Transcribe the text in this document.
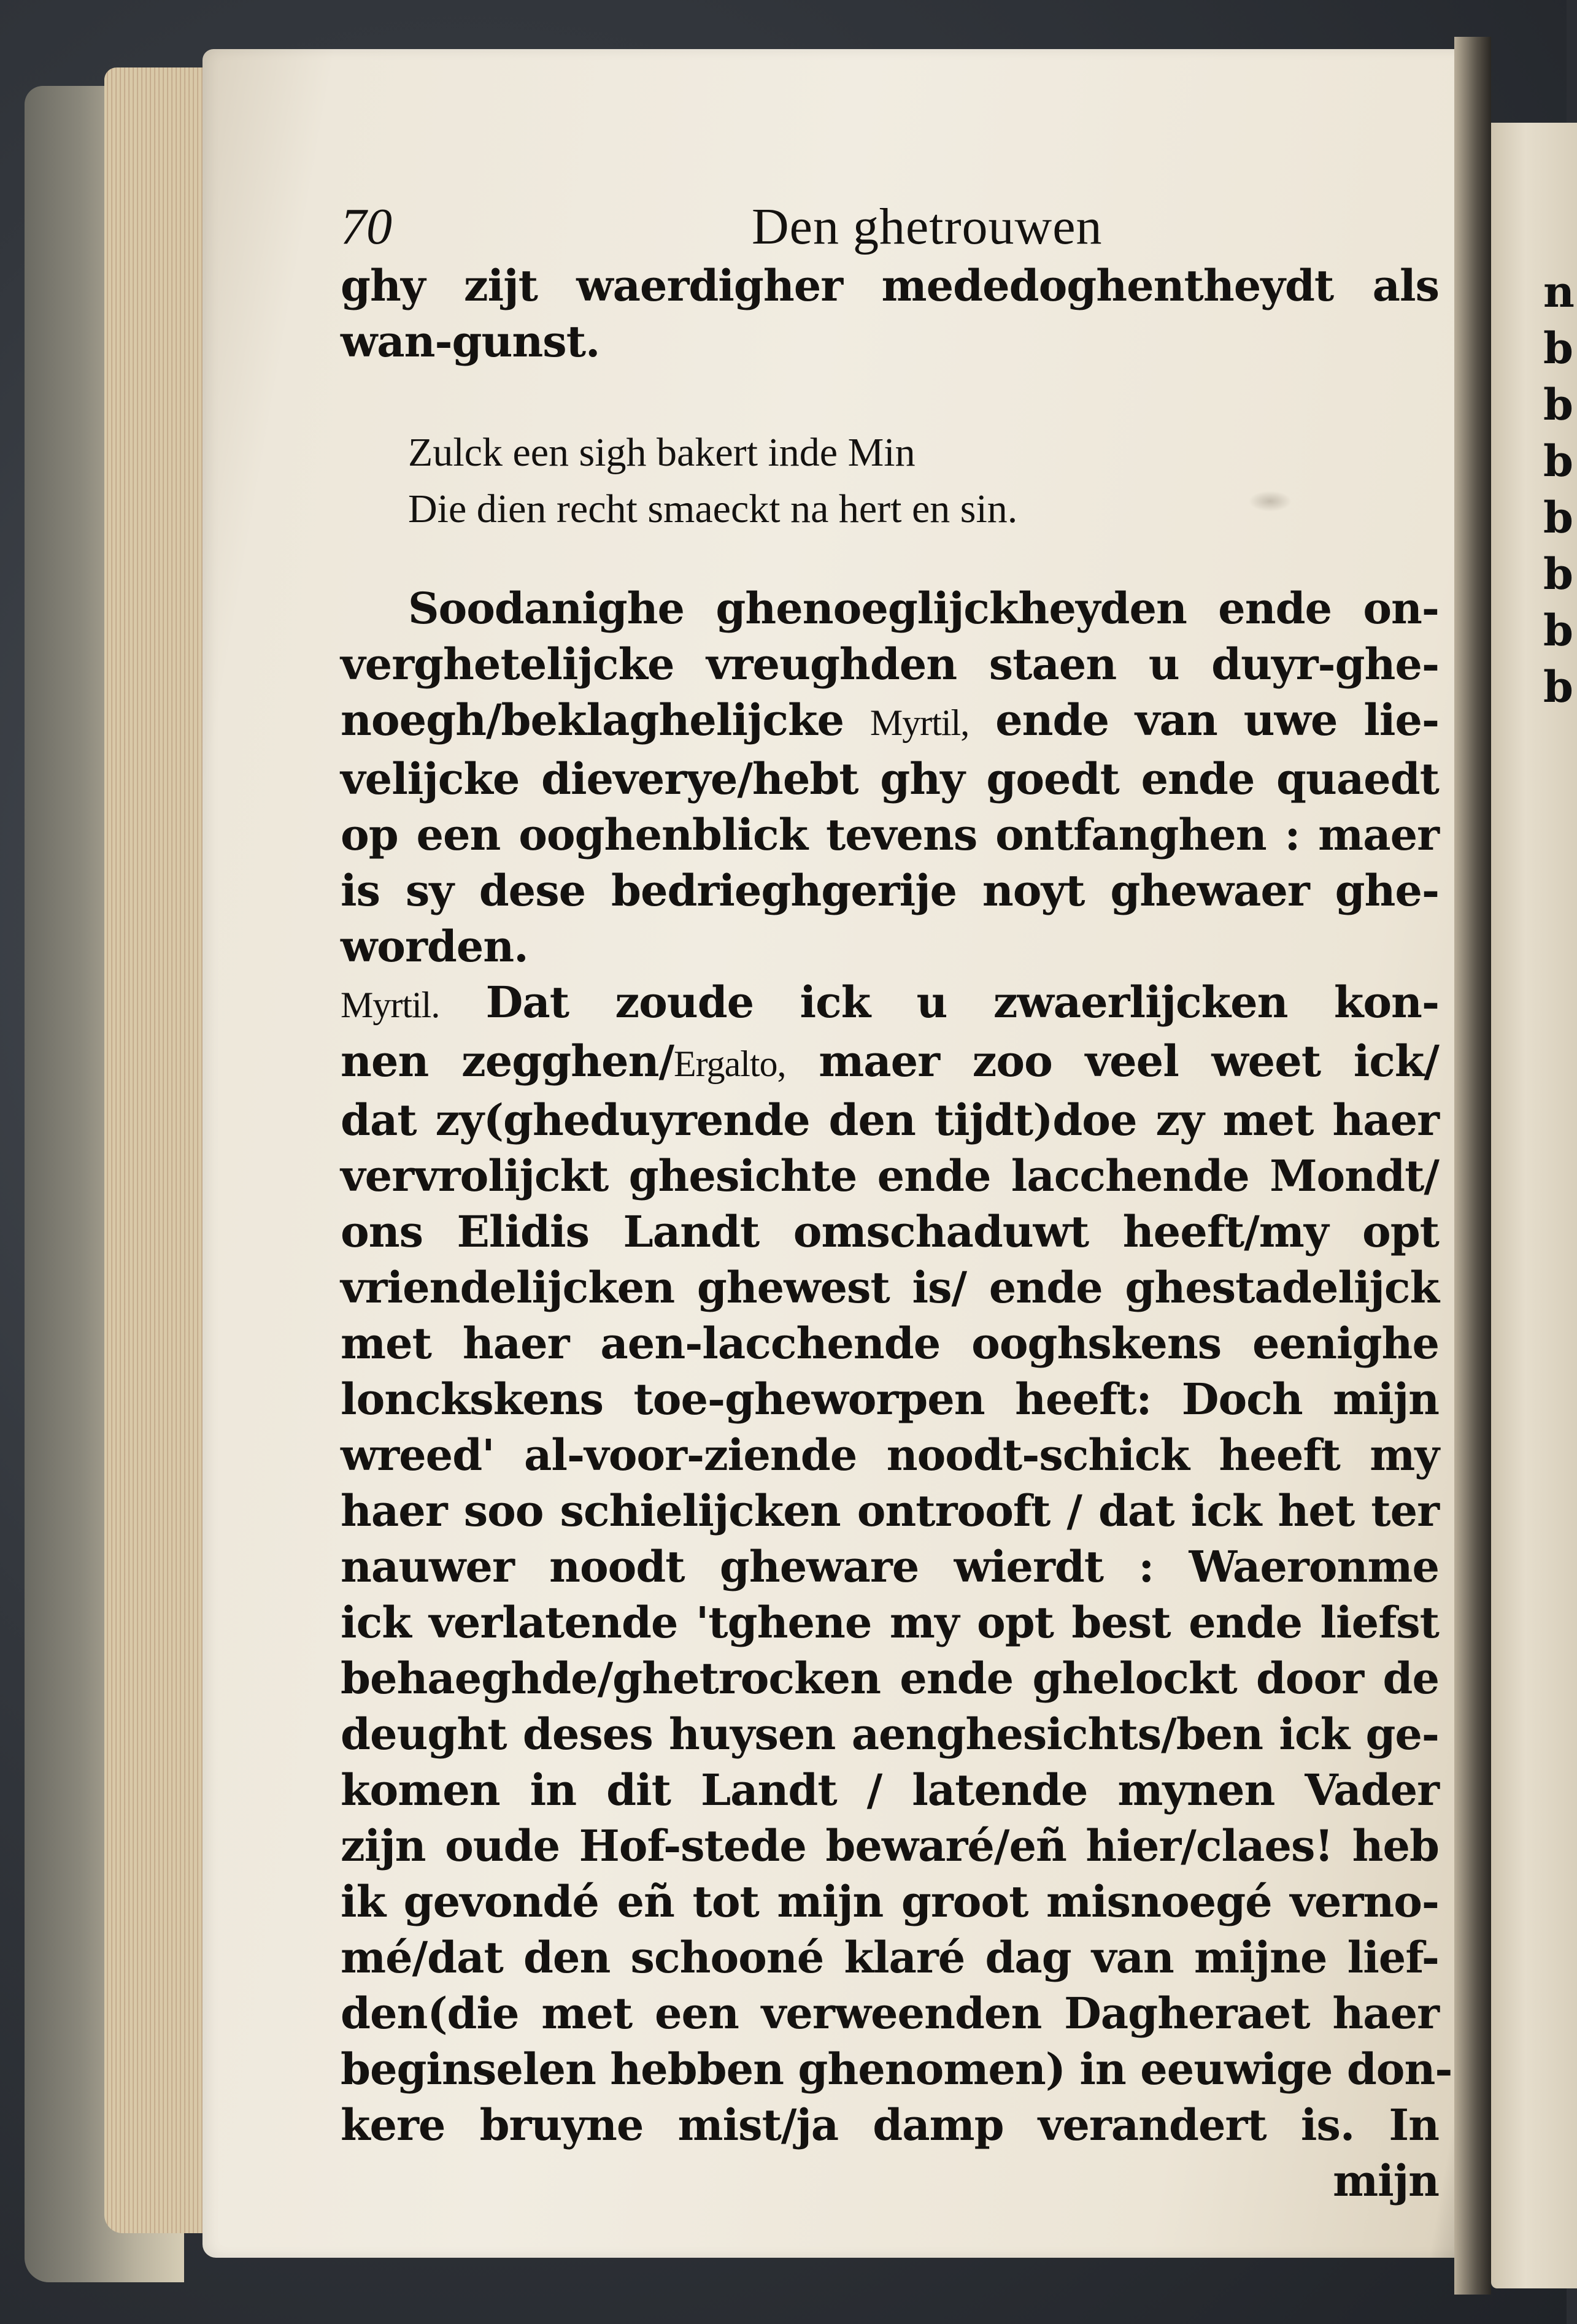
n
b
b
b
b
b
b
b
70	Den ghetrouwen
ghy zijt waerdigher mededoghentheydt als
wan-gunst.
Zulck een sigh bakert inde Min
Die dien recht smaeckt na hert en sin.
Soodanighe ghenoeglijckheyden ende on-
verghetelijcke vreughden staen u duyr-ghe-
noegh/beklaghelijcke Myrtil, ende van uwe lie-
velijcke dieverye/hebt ghy goedt ende quaedt
op een ooghenblick tevens ontfanghen : maer
is sy dese bedrieghgerije noyt ghewaer ghe-
worden.
Myrtil. Dat zoude ick u zwaerlijcken kon-
nen zegghen/Ergalto, maer zoo veel weet ick/
dat zy(gheduyrende den tijdt)doe zy met haer
vervrolijckt ghesichte ende lacchende Mondt/
ons Elidis Landt omschaduwt heeft/my opt
vriendelijcken ghewest is/ ende ghestadelijck
met haer aen-lacchende ooghskens eenighe
lonckskens toe-gheworpen heeft: Doch mijn
wreed' al-voor-ziende noodt-schick heeft my
haer soo schielijcken ontrooft / dat ick het ter
nauwer noodt gheware wierdt : Waeronme
ick verlatende 'tghene my opt best ende liefst
behaeghde/ghetrocken ende ghelockt door de
deught deses huysen aenghesichts/ben ick ge-
komen in dit Landt / latende mynen Vader
zijn oude Hof-stede bewaré/eñ hier/claes! heb
ik gevondé eñ tot mijn groot misnoegé verno-
mé/dat den schooné klaré dag van mijne lief-
den(die met een verweenden Dagheraet haer
beginselen hebben ghenomen) in eeuwige don-
kere bruyne mist/ja damp verandert is. In
mijn
